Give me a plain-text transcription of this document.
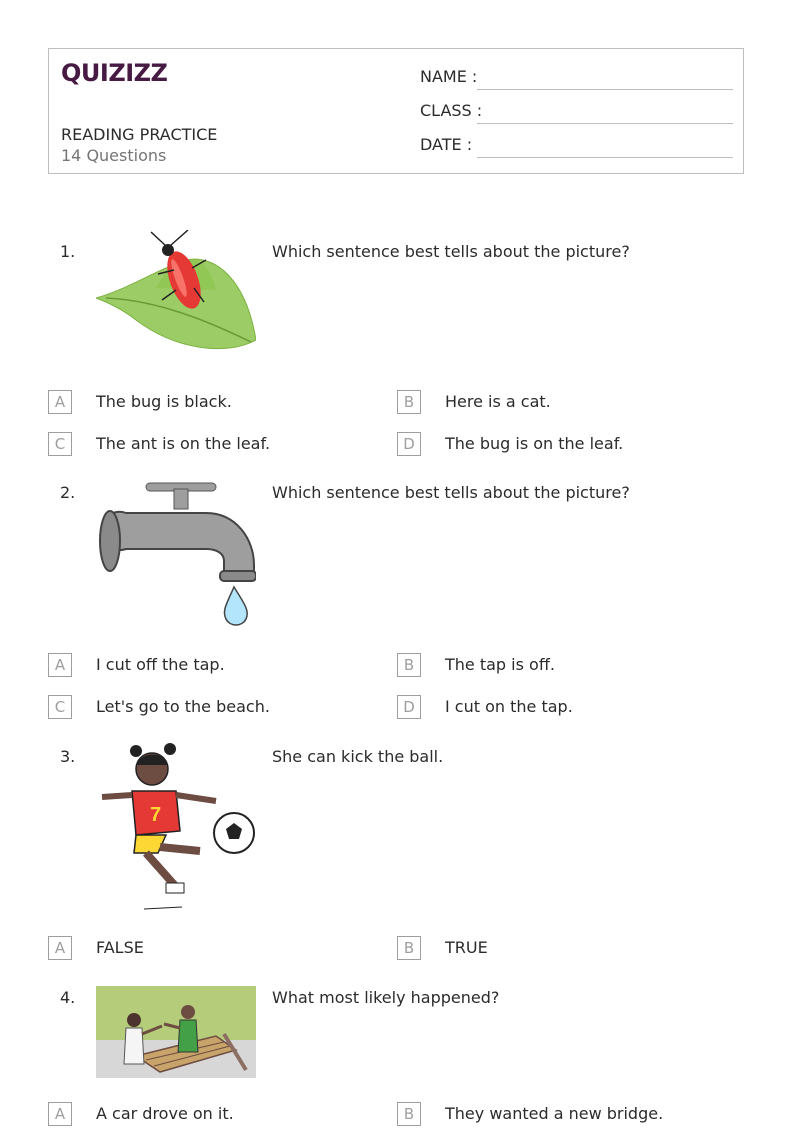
QUIZIZZ
READING PRACTICE
14 Questions
NAME :
CLASS :
DATE :
1.	Which sentence best tells about the picture?
A	The bug is black.	B	Here is a cat.
C	The ant is on the leaf.	D	The bug is on the leaf.
2.	Which sentence best tells about the picture?
A	I cut off the tap.	B	The tap is off.
C	Let's go to the beach.	D	I cut on the tap.
3.
7
She can kick the ball.
A	FALSE	B	TRUE
4.	What most likely happened?
A	A car drove on it.	B	They wanted a new bridge.
